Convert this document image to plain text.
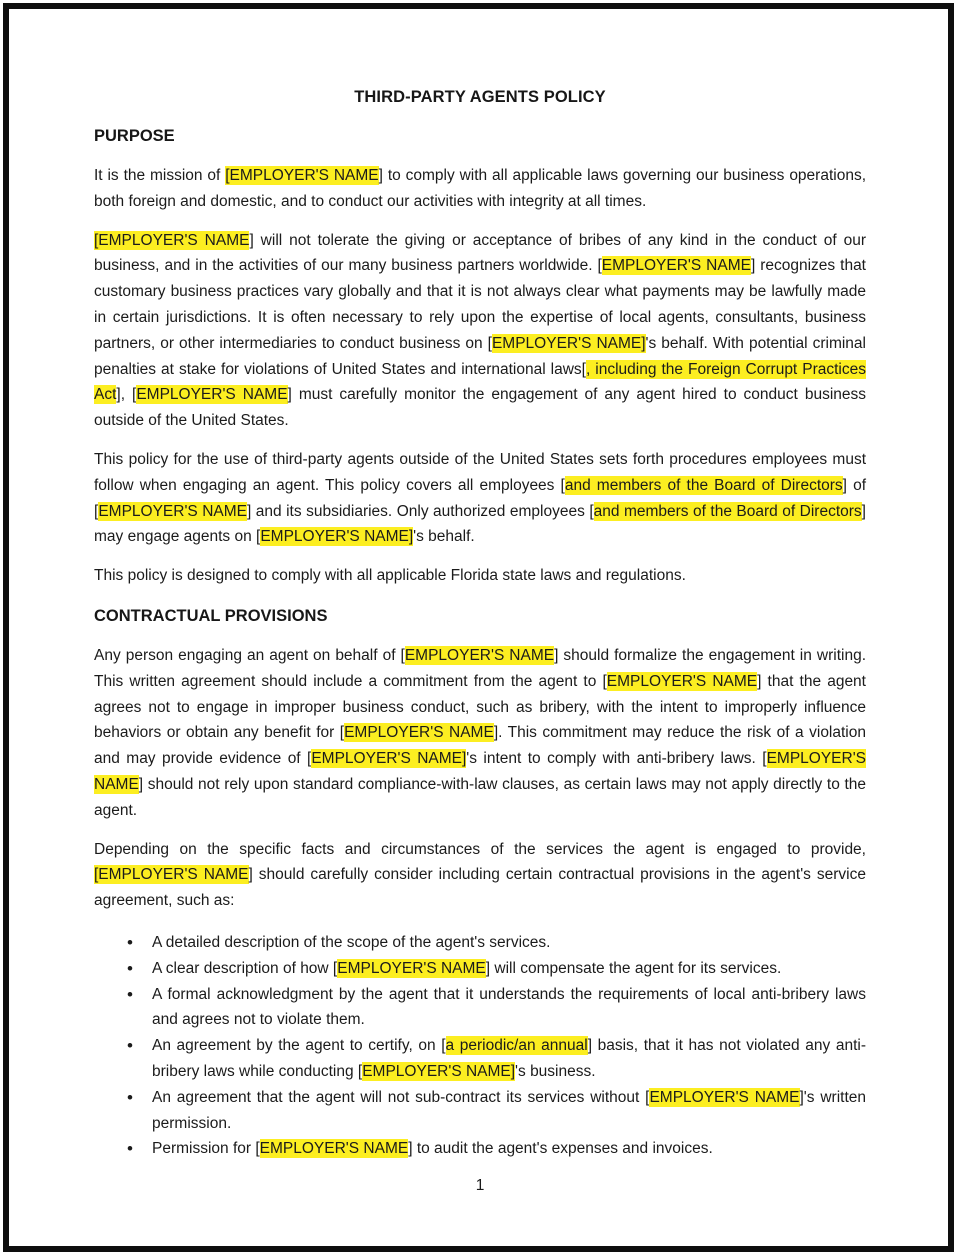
THIRD-PARTY AGENTS POLICY
PURPOSE

It is the mission of [EMPLOYER'S NAME] to comply with all applicable laws governing our business operations, both foreign and domestic, and to conduct our activities with integrity at all times.

[EMPLOYER'S NAME] will not tolerate the giving or acceptance of bribes of any kind in the conduct of our business, and in the activities of our many business partners worldwide. [EMPLOYER'S NAME] recognizes that customary business practices vary globally and that it is not always clear what payments may be lawfully made in certain jurisdictions. It is often necessary to rely upon the expertise of local agents, consultants, business partners, or other intermediaries to conduct business on [EMPLOYER'S NAME]'s behalf. With potential criminal penalties at stake for violations of United States and international laws[, including the Foreign Corrupt Practices Act], [EMPLOYER'S NAME] must carefully monitor the engagement of any agent hired to conduct business outside of the United States.

This policy for the use of third-party agents outside of the United States sets forth procedures employees must follow when engaging an agent. This policy covers all employees [and members of the Board of Directors] of [EMPLOYER'S NAME] and its subsidiaries. Only authorized employees [and members of the Board of Directors] may engage agents on [EMPLOYER'S NAME]'s behalf.

This policy is designed to comply with all applicable Florida state laws and regulations.

CONTRACTUAL PROVISIONS

Any person engaging an agent on behalf of [EMPLOYER'S NAME] should formalize the engagement in writing. This written agreement should include a commitment from the agent to [EMPLOYER'S NAME] that the agent agrees not to engage in improper business conduct, such as bribery, with the intent to improperly influence behaviors or obtain any benefit for [EMPLOYER'S NAME]. This commitment may reduce the risk of a violation and may provide evidence of [EMPLOYER'S NAME]'s intent to comply with anti-bribery laws. [EMPLOYER'S NAME] should not rely upon standard compliance-with-law clauses, as certain laws may not apply directly to the agent.

Depending on the specific facts and circumstances of the services the agent is engaged to provide, [EMPLOYER'S NAME] should carefully consider including certain contractual provisions in the agent's service agreement, such as:

• A detailed description of the scope of the agent's services.
• A clear description of how [EMPLOYER'S NAME] will compensate the agent for its services.
• A formal acknowledgment by the agent that it understands the requirements of local anti-bribery laws and agrees not to violate them.
• An agreement by the agent to certify, on [a periodic/an annual] basis, that it has not violated any anti-bribery laws while conducting [EMPLOYER'S NAME]'s business.
• An agreement that the agent will not sub-contract its services without [EMPLOYER'S NAME]'s written permission.
• Permission for [EMPLOYER'S NAME] to audit the agent's expenses and invoices.
1
